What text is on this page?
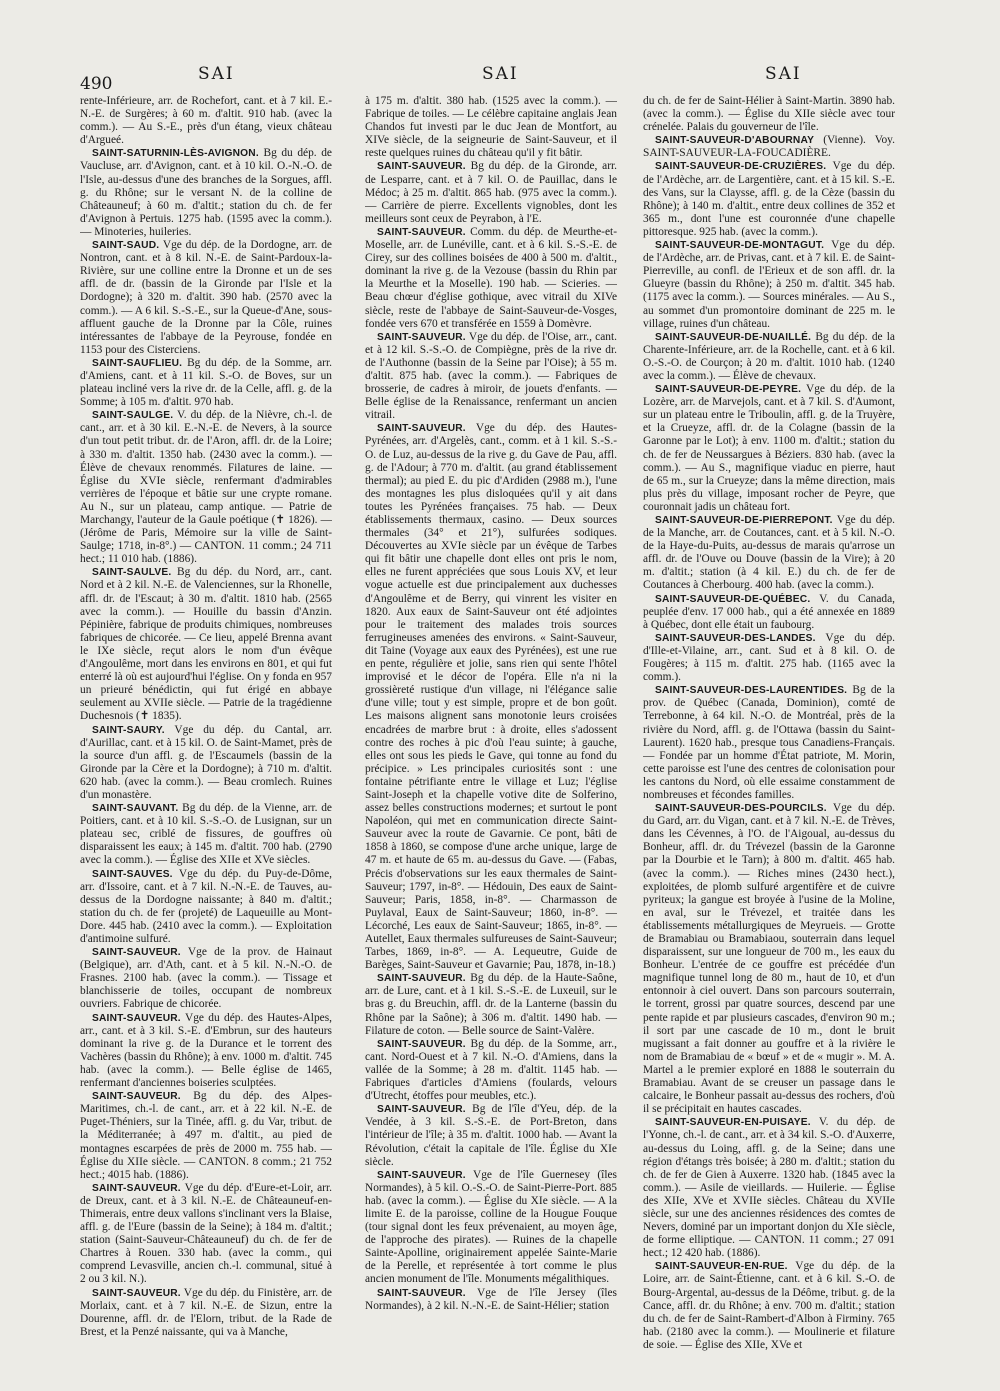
490	SAI	SAI	SAI

rente-Inférieure, arr. de Rochefort, cant. et à 7 kil. E.-N.-E. de Surgères; à 60 m. d'altit. 910 hab. (avec la comm.). — Au S.-E., près d'un étang, vieux château d'Argueé.

SAINT-SATURNIN-LÈS-AVIGNON. Bg du dép. de Vaucluse, arr. d'Avignon, cant. et à 10 kil. O.-N.-O. de l'Isle, au-dessus d'une des branches de la Sorgues, affl. g. du Rhône; sur le versant N. de la colline de Châteauneuf; à 60 m. d'altit.; station du ch. de fer d'Avignon à Pertuis. 1275 hab. (1595 avec la comm.). — Minoteries, huileries.

SAINT-SAUD. Vge du dép. de la Dordogne, arr. de Nontron, cant. et à 8 kil. N.-E. de Saint-Pardoux-la-Rivière, sur une colline entre la Dronne et un de ses affl. de dr. (bassin de la Gironde par l'Isle et la Dordogne); à 320 m. d'altit. 390 hab. (2570 avec la comm.). — A 6 kil. S.-S.-E., sur la Queue-d'Ane, sous-affluent gauche de la Dronne par la Côle, ruines intéressantes de l'abbaye de la Peyrouse, fondée en 1153 pour des Cisterciens.

SAINT-SAUFLIEU. Bg du dép. de la Somme, arr. d'Amiens, cant. et à 11 kil. S.-O. de Boves, sur un plateau incliné vers la rive dr. de la Celle, affl. g. de la Somme; à 105 m. d'altit. 970 hab.

SAINT-SAULGE. V. du dép. de la Nièvre, ch.-l. de cant., arr. et à 30 kil. E.-N.-E. de Nevers, à la source d'un tout petit tribut. dr. de l'Aron, affl. dr. de la Loire; à 330 m. d'altit. 1350 hab. (2430 avec la comm.). — Élève de chevaux renommés. Filatures de laine. — Église du XVIe siècle, renfermant d'admirables verrières de l'époque et bâtie sur une crypte romane. Au N., sur un plateau, camp antique. — Patrie de Marchangy, l'auteur de la Gaule poétique (✝ 1826). — (Jérôme de Paris, Mémoire sur la ville de Saint-Saulge; 1718, in-8°.) — CANTON. 11 comm.; 24 711 hect.; 11 010 hab. (1886).

SAINT-SAULVE. Bg du dép. du Nord, arr., cant. Nord et à 2 kil. N.-E. de Valenciennes, sur la Rhonelle, affl. dr. de l'Escaut; à 30 m. d'altit. 1810 hab. (2565 avec la comm.). — Houille du bassin d'Anzin. Pépinière, fabrique de produits chimiques, nombreuses fabriques de chicorée. — Ce lieu, appelé Brenna avant le IXe siècle, reçut alors le nom d'un évêque d'Angoulême, mort dans les environs en 801, et qui fut enterré là où est aujourd'hui l'église. On y fonda en 957 un prieuré bénédictin, qui fut érigé en abbaye seulement au XVIIe siècle. — Patrie de la tragédienne Duchesnois (✝ 1835).

SAINT-SAURY. Vge du dép. du Cantal, arr. d'Aurillac, cant. et à 15 kil. O. de Saint-Mamet, près de la source d'un affl. g. de l'Escaumels (bassin de la Gironde par la Cère et la Dordogne); à 710 m. d'altit. 620 hab. (avec la comm.). — Beau cromlech. Ruines d'un monastère.

SAINT-SAUVANT. Bg du dép. de la Vienne, arr. de Poitiers, cant. et à 10 kil. S.-S.-O. de Lusignan, sur un plateau sec, criblé de fissures, de gouffres où disparaissent les eaux; à 145 m. d'altit. 700 hab. (2790 avec la comm.). — Église des XIIe et XVe siècles.

SAINT-SAUVES. Vge du dép. du Puy-de-Dôme, arr. d'Issoire, cant. et à 7 kil. N.-N.-E. de Tauves, au-dessus de la Dordogne naissante; à 840 m. d'altit.; station du ch. de fer (projeté) de Laqueuille au Mont-Dore. 445 hab. (2410 avec la comm.). — Exploitation d'antimoine sulfuré.

SAINT-SAUVEUR. Vge de la prov. de Hainaut (Belgique), arr. d'Ath, cant. et à 5 kil. N.-N.-O. de Frasnes. 2100 hab. (avec la comm.). — Tissage et blanchisserie de toiles, occupant de nombreux ouvriers. Fabrique de chicorée.

SAINT-SAUVEUR. Vge du dép. des Hautes-Alpes, arr., cant. et à 3 kil. S.-E. d'Embrun, sur des hauteurs dominant la rive g. de la Durance et le torrent des Vachères (bassin du Rhône); à env. 1000 m. d'altit. 745 hab. (avec la comm.). — Belle église de 1465, renfermant d'anciennes boiseries sculptées.

SAINT-SAUVEUR. Bg du dép. des Alpes-Maritimes, ch.-l. de cant., arr. et à 22 kil. N.-E. de Puget-Théniers, sur la Tinée, affl. g. du Var, tribut. de la Méditerranée; à 497 m. d'altit., au pied de montagnes escarpées de près de 2000 m. 755 hab. — Église du XIIe siècle. — CANTON. 8 comm.; 21 752 hect.; 4015 hab. (1886).

SAINT-SAUVEUR. Vge du dép. d'Eure-et-Loir, arr. de Dreux, cant. et à 3 kil. N.-E. de Châteauneuf-en-Thimerais, entre deux vallons s'inclinant vers la Blaise, affl. g. de l'Eure (bassin de la Seine); à 184 m. d'altit.; station (Saint-Sauveur-Châteauneuf) du ch. de fer de Chartres à Rouen. 330 hab. (avec la comm., qui comprend Levasville, ancien ch.-l. communal, situé à 2 ou 3 kil. N.).

SAINT-SAUVEUR. Vge du dép. du Finistère, arr. de Morlaix, cant. et à 7 kil. N.-E. de Sizun, entre la Dourenne, affl. dr. de l'Elorn, tribut. de la Rade de Brest, et la Penzé naissante, qui va à Manche,

à 175 m. d'altit. 380 hab. (1525 avec la comm.). — Fabrique de toiles. — Le célèbre capitaine anglais Jean Chandos fut investi par le duc Jean de Montfort, au XIVe siècle, de la seigneurie de Saint-Sauveur, et il reste quelques ruines du château qu'il y fit bâtir.

SAINT-SAUVEUR. Bg du dép. de la Gironde, arr. de Lesparre, cant. et à 7 kil. O. de Pauillac, dans le Médoc; à 25 m. d'altit. 865 hab. (975 avec la comm.). — Carrière de pierre. Excellents vignobles, dont les meilleurs sont ceux de Peyrabon, à l'E.

SAINT-SAUVEUR. Comm. du dép. de Meurthe-et-Moselle, arr. de Lunéville, cant. et à 6 kil. S.-S.-E. de Cirey, sur des collines boisées de 400 à 500 m. d'altit., dominant la rive g. de la Vezouse (bassin du Rhin par la Meurthe et la Moselle). 190 hab. — Scieries. — Beau chœur d'église gothique, avec vitrail du XIVe siècle, reste de l'abbaye de Saint-Sauveur-de-Vosges, fondée vers 670 et transférée en 1559 à Domèvre.

SAINT-SAUVEUR. Vge du dép. de l'Oise, arr., cant. et à 12 kil. S.-S.-O. de Compiègne, près de la rive dr. de l'Authonne (bassin de la Seine par l'Oise); à 55 m. d'altit. 875 hab. (avec la comm.). — Fabriques de brosserie, de cadres à miroir, de jouets d'enfants. — Belle église de la Renaissance, renfermant un ancien vitrail.

SAINT-SAUVEUR. Vge du dép. des Hautes-Pyrénées, arr. d'Argelès, cant., comm. et à 1 kil. S.-S.-O. de Luz, au-dessus de la rive g. du Gave de Pau, affl. g. de l'Adour; à 770 m. d'altit. (au grand établissement thermal); au pied E. du pic d'Ardiden (2988 m.), l'une des montagnes les plus disloquées qu'il y ait dans toutes les Pyrénées françaises. 75 hab. — Deux établissements thermaux, casino. — Deux sources thermales (34° et 21°), sulfurées sodiques. Découvertes au XVIe siècle par un évêque de Tarbes qui fit bâtir une chapelle dont elles ont pris le nom, elles ne furent appréciées que sous Louis XV, et leur vogue actuelle est due principalement aux duchesses d'Angoulême et de Berry, qui vinrent les visiter en 1820. Aux eaux de Saint-Sauveur ont été adjointes pour le traitement des malades trois sources ferrugineuses amenées des environs. « Saint-Sauveur, dit Taine (Voyage aux eaux des Pyrénées), est une rue en pente, régulière et jolie, sans rien qui sente l'hôtel improvisé et le décor de l'opéra. Elle n'a ni la grossièreté rustique d'un village, ni l'élégance salie d'une ville; tout y est simple, propre et de bon goût. Les maisons alignent sans monotonie leurs croisées encadrées de marbre brut : à droite, elles s'adossent contre des roches à pic d'où l'eau suinte; à gauche, elles ont sous les pieds le Gave, qui tonne au fond du précipice. » Les principales curiosités sont : une fontaine pétrifiante entre le village et Luz; l'église Saint-Joseph et la chapelle votive dite de Solferino, assez belles constructions modernes; et surtout le pont Napoléon, qui met en communication directe Saint-Sauveur avec la route de Gavarnie. Ce pont, bâti de 1858 à 1860, se compose d'une arche unique, large de 47 m. et haute de 65 m. au-dessus du Gave. — (Fabas, Précis d'observations sur les eaux thermales de Saint-Sauveur; 1797, in-8°. — Hédouin, Des eaux de Saint-Sauveur; Paris, 1858, in-8°. — Charmasson de Puylaval, Eaux de Saint-Sauveur; 1860, in-8°. — Lécorché, Les eaux de Saint-Sauveur; 1865, in-8°. — Autellet, Eaux thermales sulfureuses de Saint-Sauveur; Tarbes, 1869, in-8°. — A. Lequeutre, Guide de Barèges, Saint-Sauveur et Gavarnie; Pau, 1878, in-18.)

SAINT-SAUVEUR. Bg du dép. de la Haute-Saône, arr. de Lure, cant. et à 1 kil. S.-S.-E. de Luxeuil, sur le bras g. du Breuchin, affl. dr. de la Lanterne (bassin du Rhône par la Saône); à 306 m. d'altit. 1490 hab. — Filature de coton. — Belle source de Saint-Valère.

SAINT-SAUVEUR. Bg du dép. de la Somme, arr., cant. Nord-Ouest et à 7 kil. N.-O. d'Amiens, dans la vallée de la Somme; à 28 m. d'altit. 1145 hab. — Fabriques d'articles d'Amiens (foulards, velours d'Utrecht, étoffes pour meubles, etc.).

SAINT-SAUVEUR. Bg de l'île d'Yeu, dép. de la Vendée, à 3 kil. S.-S.-E. de Port-Breton, dans l'intérieur de l'île; à 35 m. d'altit. 1000 hab. — Avant la Révolution, c'était la capitale de l'île. Église du XIe siècle.

SAINT-SAUVEUR. Vge de l'île Guernesey (îles Normandes), à 5 kil. O.-S.-O. de Saint-Pierre-Port. 885 hab. (avec la comm.). — Église du XIe siècle. — A la limite E. de la paroisse, colline de la Hougue Fouque (tour signal dont les feux prévenaient, au moyen âge, de l'approche des pirates). — Ruines de la chapelle Sainte-Apolline, originairement appelée Sainte-Marie de la Perelle, et représentée à tort comme le plus ancien monument de l'île. Monuments mégalithiques.

SAINT-SAUVEUR. Vge de l'île Jersey (îles Normandes), à 2 kil. N.-N.-E. de Saint-Hélier; station

du ch. de fer de Saint-Hélier à Saint-Martin. 3890 hab. (avec la comm.). — Église du XIIe siècle avec tour crénelée. Palais du gouverneur de l'île.

SAINT-SAUVEUR-D'ABOURNAY (Vienne). Voy. SAINT-SAUVEUR-LA-FOUCADIÈRE.

SAINT-SAUVEUR-DE-CRUZIÈRES. Vge du dép. de l'Ardèche, arr. de Largentière, cant. et à 15 kil. S.-E. des Vans, sur la Claysse, affl. g. de la Cèze (bassin du Rhône); à 140 m. d'altit., entre deux collines de 352 et 365 m., dont l'une est couronnée d'une chapelle pittoresque. 925 hab. (avec la comm.).

SAINT-SAUVEUR-DE-MONTAGUT. Vge du dép. de l'Ardèche, arr. de Privas, cant. et à 7 kil. E. de Saint-Pierreville, au confl. de l'Erieux et de son affl. dr. la Glueyre (bassin du Rhône); à 250 m. d'altit. 345 hab. (1175 avec la comm.). — Sources minérales. — Au S., au sommet d'un promontoire dominant de 225 m. le village, ruines d'un château.

SAINT-SAUVEUR-DE-NUAILLÉ. Bg du dép. de la Charente-Inférieure, arr. de la Rochelle, cant. et à 6 kil. O.-S.-O. de Courçon; à 20 m. d'altit. 1010 hab. (1240 avec la comm.). — Élève de chevaux.

SAINT-SAUVEUR-DE-PEYRE. Vge du dép. de la Lozère, arr. de Marvejols, cant. et à 7 kil. S. d'Aumont, sur un plateau entre le Triboulin, affl. g. de la Truyère, et la Crueyze, affl. dr. de la Colagne (bassin de la Garonne par le Lot); à env. 1100 m. d'altit.; station du ch. de fer de Neussargues à Béziers. 830 hab. (avec la comm.). — Au S., magnifique viaduc en pierre, haut de 65 m., sur la Crueyze; dans la même direction, mais plus près du village, imposant rocher de Peyre, que couronnait jadis un château fort.

SAINT-SAUVEUR-DE-PIERREPONT. Vge du dép. de la Manche, arr. de Coutances, cant. et à 5 kil. N.-O. de la Haye-du-Puits, au-dessus de marais qu'arrose un affl. dr. de l'Ouve ou Douve (bassin de la Vire); à 20 m. d'altit.; station (à 4 kil. E.) du ch. de fer de Coutances à Cherbourg. 400 hab. (avec la comm.).

SAINT-SAUVEUR-DE-QUÉBEC. V. du Canada, peuplée d'env. 17 000 hab., qui a été annexée en 1889 à Québec, dont elle était un faubourg.

SAINT-SAUVEUR-DES-LANDES. Vge du dép. d'Ille-et-Vilaine, arr., cant. Sud et à 8 kil. O. de Fougères; à 115 m. d'altit. 275 hab. (1165 avec la comm.).

SAINT-SAUVEUR-DES-LAURENTIDES. Bg de la prov. de Québec (Canada, Dominion), comté de Terrebonne, à 64 kil. N.-O. de Montréal, près de la rivière du Nord, affl. g. de l'Ottawa (bassin du Saint-Laurent). 1620 hab., presque tous Canadiens-Français. — Fondée par un homme d'État patriote, M. Morin, cette paroisse est l'une des centres de colonisation pour les cantons du Nord, où elle essaime constamment de nombreuses et fécondes familles.

SAINT-SAUVEUR-DES-POURCILS. Vge du dép. du Gard, arr. du Vigan, cant. et à 7 kil. N.-E. de Trèves, dans les Cévennes, à l'O. de l'Aigoual, au-dessus du Bonheur, affl. dr. du Trévezel (bassin de la Garonne par la Dourbie et le Tarn); à 800 m. d'altit. 465 hab. (avec la comm.). — Riches mines (2430 hect.), exploitées, de plomb sulfuré argentifère et de cuivre pyriteux; la gangue est broyée à l'usine de la Moline, en aval, sur le Trévezel, et traitée dans les établissements métallurgiques de Meyrueis. — Grotte de Bramabiau ou Bramabiaou, souterrain dans lequel disparaissent, sur une longueur de 700 m., les eaux du Bonheur. L'entrée de ce gouffre est précédée d'un magnifique tunnel long de 80 m., haut de 10, et d'un entonnoir à ciel ouvert. Dans son parcours souterrain, le torrent, grossi par quatre sources, descend par une pente rapide et par plusieurs cascades, d'environ 90 m.; il sort par une cascade de 10 m., dont le bruit mugissant a fait donner au gouffre et à la rivière le nom de Bramabiau de « bœuf » et de « mugir ». M. A. Martel a le premier exploré en 1888 le souterrain du Bramabiau. Avant de se creuser un passage dans le calcaire, le Bonheur passait au-dessus des rochers, d'où il se précipitait en hautes cascades.

SAINT-SAUVEUR-EN-PUISAYE. V. du dép. de l'Yonne, ch.-l. de cant., arr. et à 34 kil. S.-O. d'Auxerre, au-dessus du Loing, affl. g. de la Seine; dans une région d'étangs très boisée; à 280 m. d'altit.; station du ch. de fer de Gien à Auxerre. 1320 hab. (1845 avec la comm.). — Asile de vieillards. — Huilerie. — Église des XIIe, XVe et XVIIe siècles. Château du XVIIe siècle, sur une des anciennes résidences des comtes de Nevers, dominé par un important donjon du XIe siècle, de forme elliptique. — CANTON. 11 comm.; 27 091 hect.; 12 420 hab. (1886).

SAINT-SAUVEUR-EN-RUE. Vge du dép. de la Loire, arr. de Saint-Étienne, cant. et à 6 kil. S.-O. de Bourg-Argental, au-dessus de la Déôme, tribut. g. de la Cance, affl. dr. du Rhône; à env. 700 m. d'altit.; station du ch. de fer de Saint-Rambert-d'Albon à Firminy. 765 hab. (2180 avec la comm.). — Moulinerie et filature de soie. — Église des XIIe, XVe et
